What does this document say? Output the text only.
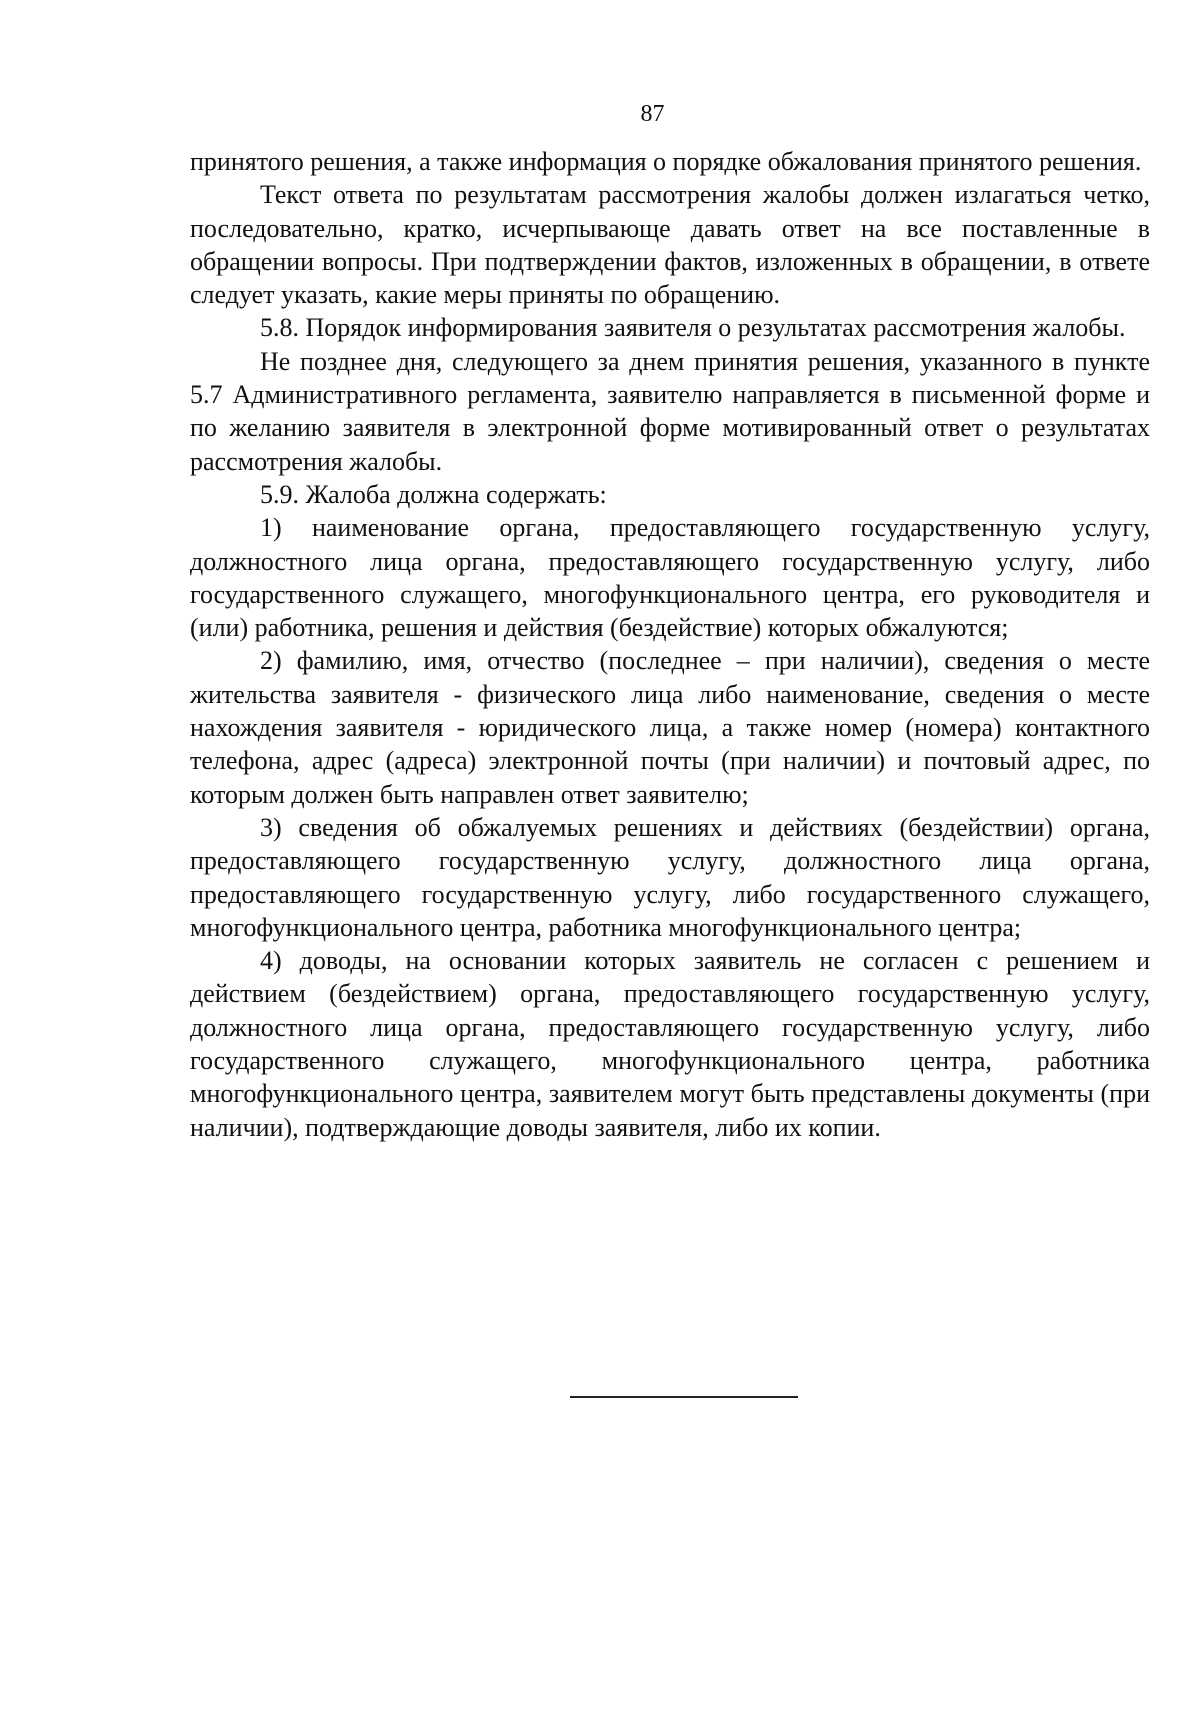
87

принятого решения, а также информация о порядке обжалования принятого решения.

Текст ответа по результатам рассмотрения жалобы должен излагаться четко, последовательно, кратко, исчерпывающе давать ответ на все поставленные в обращении вопросы. При подтверждении фактов, изложенных в обращении, в ответе следует указать, какие меры приняты по обращению.

5.8. Порядок информирования заявителя о результатах рассмотрения жалобы.

Не позднее дня, следующего за днем принятия решения, указанного в пункте 5.7 Административного регламента, заявителю направляется в письменной форме и по желанию заявителя в электронной форме мотивированный ответ о результатах рассмотрения жалобы.

5.9. Жалоба должна содержать:

1) наименование органа, предоставляющего государственную услугу, должностного лица органа, предоставляющего государственную услугу, либо государственного служащего, многофункционального центра, его руководителя и (или) работника, решения и действия (бездействие) которых обжалуются;

2) фамилию, имя, отчество (последнее – при наличии), сведения о месте жительства заявителя - физического лица либо наименование, сведения о месте нахождения заявителя - юридического лица, а также номер (номера) контактного телефона, адрес (адреса) электронной почты (при наличии) и почтовый адрес, по которым должен быть направлен ответ заявителю;

3) сведения об обжалуемых решениях и действиях (бездействии) органа, предоставляющего государственную услугу, должностного лица органа, предоставляющего государственную услугу, либо государственного служащего, многофункционального центра, работника многофункционального центра;

4) доводы, на основании которых заявитель не согласен с решением и действием (бездействием) органа, предоставляющего государственную услугу, должностного лица органа, предоставляющего государственную услугу, либо государственного служащего, многофункционального центра, работника многофункционального центра, заявителем могут быть представлены документы (при наличии), подтверждающие доводы заявителя, либо их копии.
